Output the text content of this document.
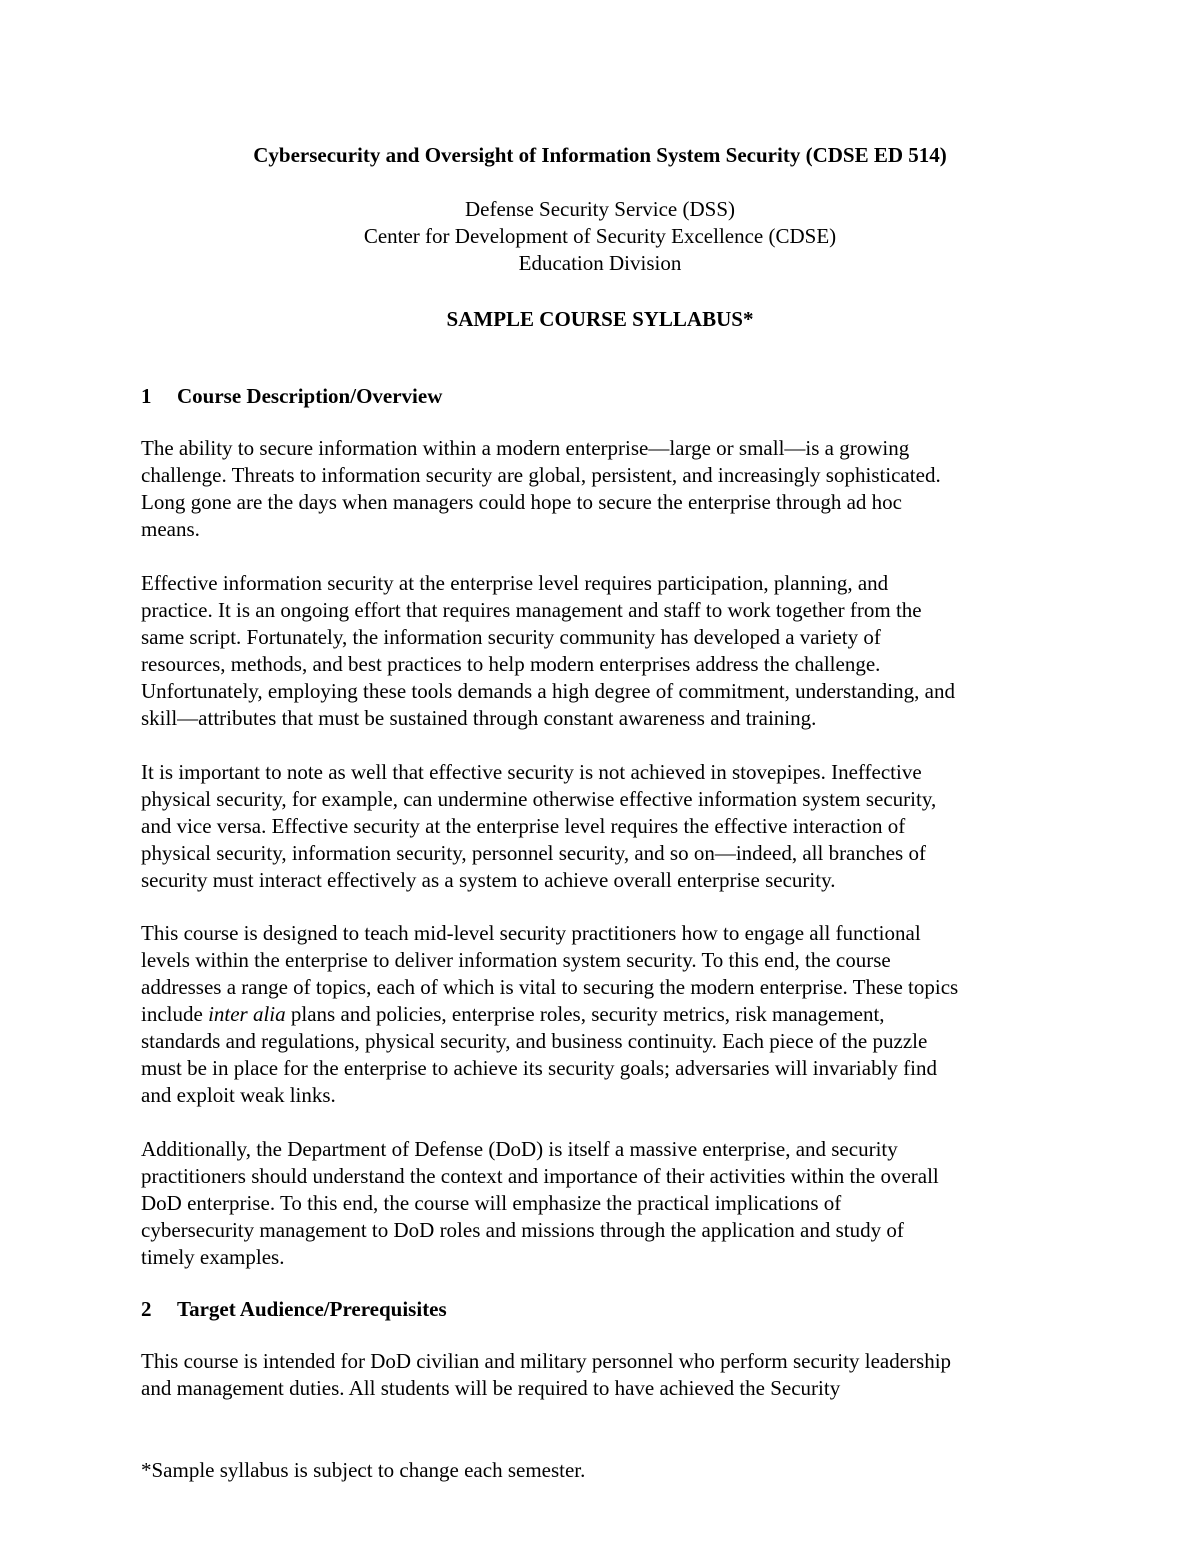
Cybersecurity and Oversight of Information System Security (CDSE ED 514)
Defense Security Service (DSS)
Center for Development of Security Excellence (CDSE)
Education Division
SAMPLE COURSE SYLLABUS*
1 Course Description/Overview
The ability to secure information within a modern enterprise—large or small—is a growing
challenge. Threats to information security are global, persistent, and increasingly sophisticated.
Long gone are the days when managers could hope to secure the enterprise through ad hoc
means.
Effective information security at the enterprise level requires participation, planning, and
practice. It is an ongoing effort that requires management and staff to work together from the
same script. Fortunately, the information security community has developed a variety of
resources, methods, and best practices to help modern enterprises address the challenge.
Unfortunately, employing these tools demands a high degree of commitment, understanding, and
skill—attributes that must be sustained through constant awareness and training.
It is important to note as well that effective security is not achieved in stovepipes. Ineffective
physical security, for example, can undermine otherwise effective information system security,
and vice versa. Effective security at the enterprise level requires the effective interaction of
physical security, information security, personnel security, and so on—indeed, all branches of
security must interact effectively as a system to achieve overall enterprise security.
This course is designed to teach mid-level security practitioners how to engage all functional
levels within the enterprise to deliver information system security. To this end, the course
addresses a range of topics, each of which is vital to securing the modern enterprise. These topics
include inter alia plans and policies, enterprise roles, security metrics, risk management,
standards and regulations, physical security, and business continuity. Each piece of the puzzle
must be in place for the enterprise to achieve its security goals; adversaries will invariably find
and exploit weak links.
Additionally, the Department of Defense (DoD) is itself a massive enterprise, and security
practitioners should understand the context and importance of their activities within the overall
DoD enterprise. To this end, the course will emphasize the practical implications of
cybersecurity management to DoD roles and missions through the application and study of
timely examples.
2 Target Audience/Prerequisites
This course is intended for DoD civilian and military personnel who perform security leadership
and management duties. All students will be required to have achieved the Security
*Sample syllabus is subject to change each semester.
